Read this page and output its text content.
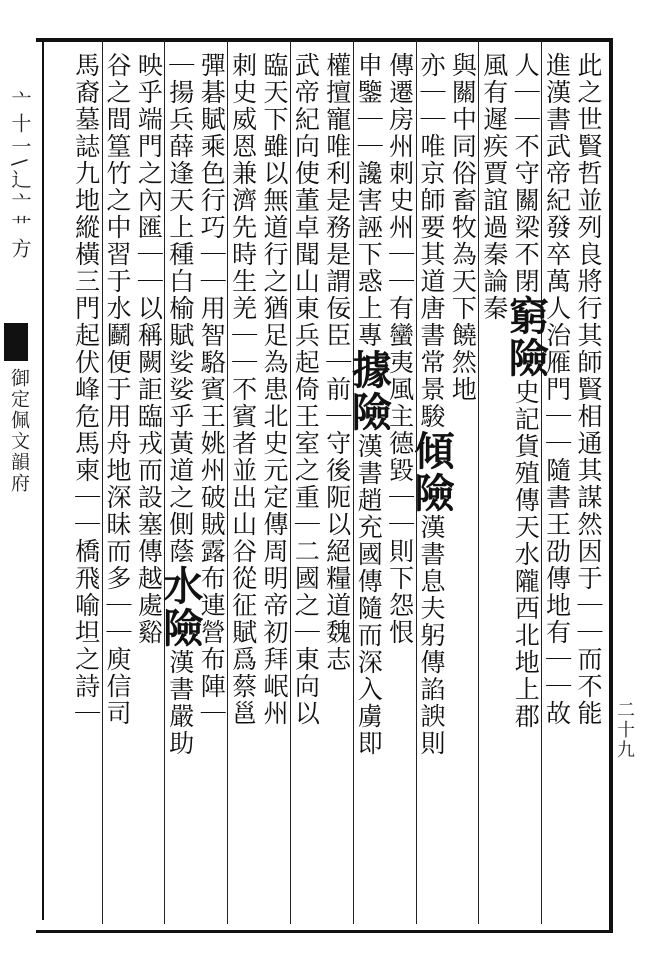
亠十一\辶亠艹方
御定佩文韻府
二十九
此之世賢哲並列良將行其師賢相通其謀然因于｜｜而不能
進漢書武帝紀發卒萬人治雁門｜｜隨書王劭傳地有｜｜故
人｜｜不守關梁不閉窮險史記貨殖傳天水隴西北地上郡
風有遲疾賈誼過秦論秦
與關中同俗畜牧為天下饒然地
亦｜｜唯京師要其道唐書常景駿傾險漢書息夫躬傳諂諛則
傳遷房州刺史州｜｜有蠻夷風主德毀｜｜則下怨恨
申鑒｜｜讒害誣下惑上專據險漢書趙充國傳隨而深入虜即
權擅寵唯利是務是謂佞臣｜前｜守後阨以絕糧道魏志
武帝紀向使董卓聞山東兵起倚王室之重｜二國之｜東向以
臨天下雖以無道行之猶足為患北史元定傳周明帝初拜岷州
刺史威恩兼濟先時生羌｜｜不賓者並出山谷從征賦爲蔡邕
彈碁賦乘色行巧｜｜用智駱賓王姚州破賊露布連營布陣｜
｜揚兵薛逢天上種白榆賦娑娑乎黃道之側蔭水險漢書嚴助
映乎端門之內匯｜｜以稱闕詎臨戎而設塞傳越處谿
谷之間篁竹之中習于水鬬便于用舟地深昧而多｜｜庾信司
馬裔墓誌九地縱橫三門起伏峰危馬柬｜｜橋飛喻坦之詩｜
